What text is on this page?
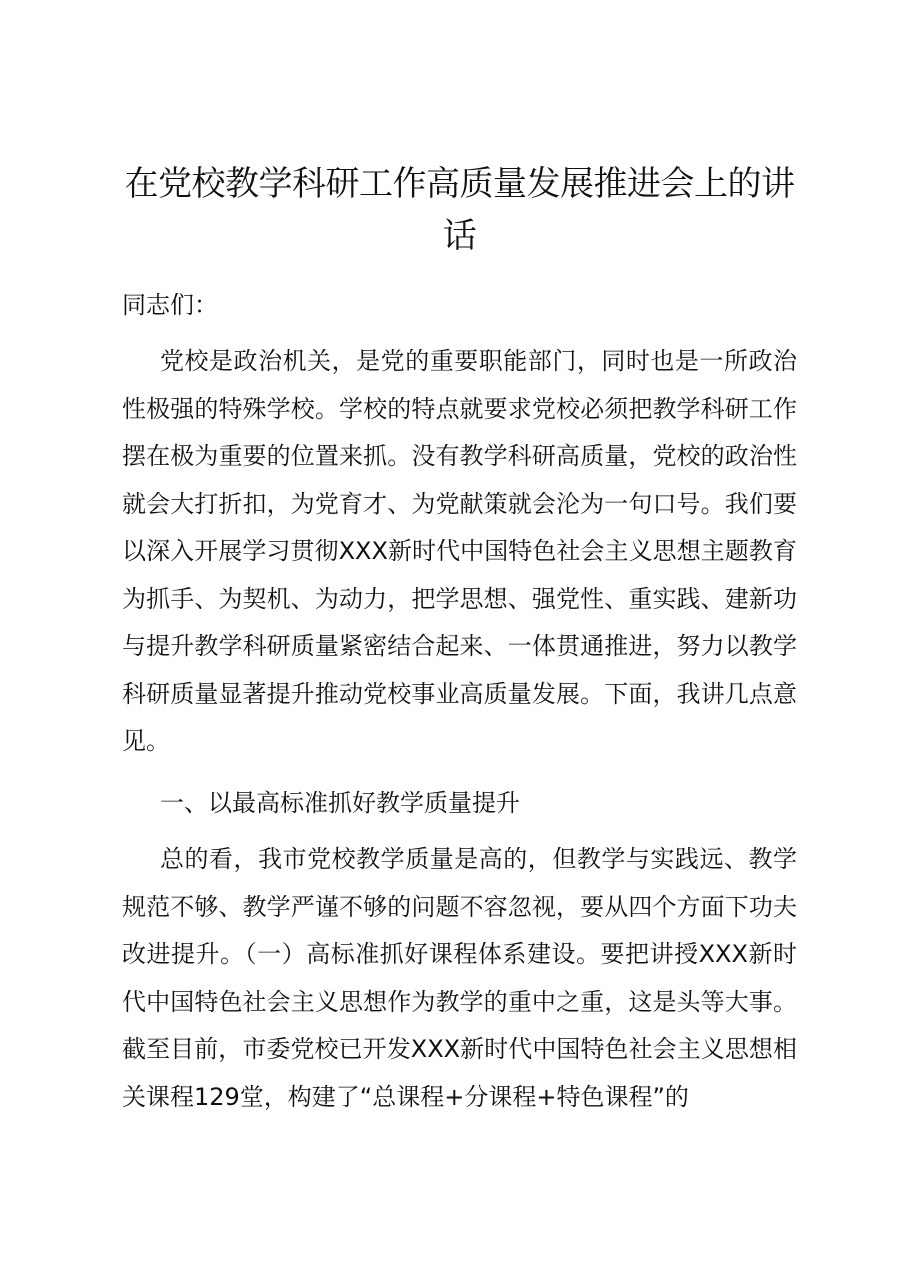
在党校教学科研工作高质量发展推进会上的讲话

同志们：

党校是政治机关，是党的重要职能部门，同时也是一所政治性极强的特殊学校。学校的特点就要求党校必须把教学科研工作摆在极为重要的位置来抓。没有教学科研高质量，党校的政治性就会大打折扣，为党育才、为党献策就会沦为一句口号。我们要以深入开展学习贯彻XXX新时代中国特色社会主义思想主题教育为抓手、为契机、为动力，把学思想、强党性、重实践、建新功与提升教学科研质量紧密结合起来、一体贯通推进，努力以教学科研质量显著提升推动党校事业高质量发展。下面，我讲几点意见。

一、以最高标准抓好教学质量提升

总的看，我市党校教学质量是高的，但教学与实践远、教学规范不够、教学严谨不够的问题不容忽视，要从四个方面下功夫改进提升。（一）高标准抓好课程体系建设。要把讲授XXX新时代中国特色社会主义思想作为教学的重中之重，这是头等大事。截至目前，市委党校已开发XXX新时代中国特色社会主义思想相关课程129堂，构建了“总课程+分课程+特色课程”的
